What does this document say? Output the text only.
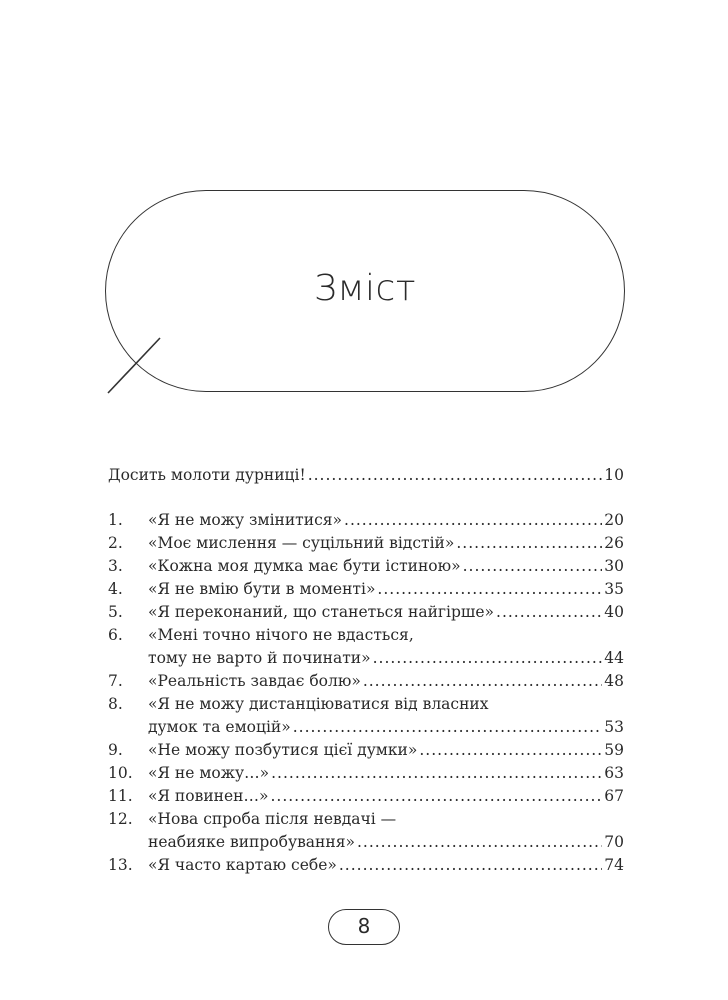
Зміст
Досить молоти дурниці! .....	10
1.	«Я не можу змінитися» .....	20
2.	«Моє мислення — суцільний відстій» .....	26
3.	«Кожна моя думка має бути істиною» .....	30
4.	«Я не вмію бути в моменті» .....	35
5.	«Я переконаний, що станеться найгірше» .....	40
6.	«Мені точно нічого не вдасться,
тому не варто й починати» .....	44
7.	«Реальність завдає болю» .....	48
8.	«Я не можу дистанціюватися від власних
думок та емоцій» .....	53
9.	«Не можу позбутися цієї думки» .....	59
10. «Я не можу…» .....	63
11. «Я повинен…» .....	67
12. «Нова спроба після невдачі —
неабияке випробування» .....	70
13. «Я часто картаю себе» .....	74
8
